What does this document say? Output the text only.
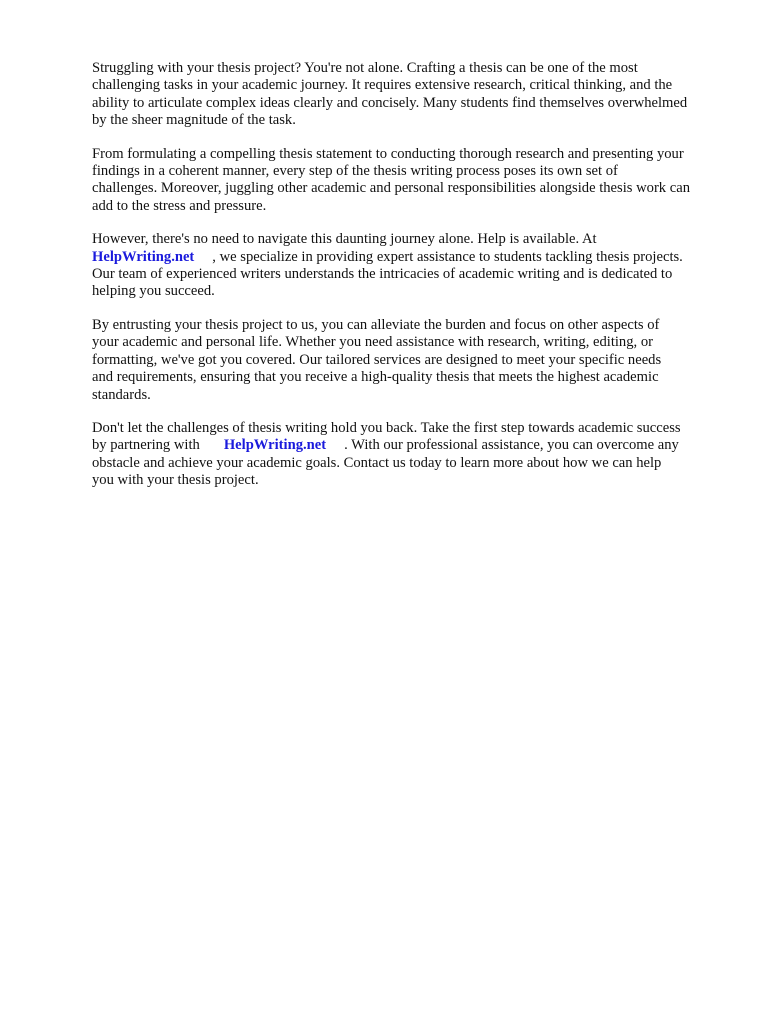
Struggling with your thesis project? You're not alone. Crafting a thesis can be one of the most
challenging tasks in your academic journey. It requires extensive research, critical thinking, and the
ability to articulate complex ideas clearly and concisely. Many students find themselves overwhelmed
by the sheer magnitude of the task.

From formulating a compelling thesis statement to conducting thorough research and presenting your
findings in a coherent manner, every step of the thesis writing process poses its own set of
challenges. Moreover, juggling other academic and personal responsibilities alongside thesis work can
add to the stress and pressure.

However, there's no need to navigate this daunting journey alone. Help is available. At
HelpWriting.net , we specialize in providing expert assistance to students tackling thesis projects.
Our team of experienced writers understands the intricacies of academic writing and is dedicated to
helping you succeed.

By entrusting your thesis project to us, you can alleviate the burden and focus on other aspects of
your academic and personal life. Whether you need assistance with research, writing, editing, or
formatting, we've got you covered. Our tailored services are designed to meet your specific needs
and requirements, ensuring that you receive a high-quality thesis that meets the highest academic
standards.

Don't let the challenges of thesis writing hold you back. Take the first step towards academic success
by partnering with HelpWriting.net . With our professional assistance, you can overcome any
obstacle and achieve your academic goals. Contact us today to learn more about how we can help
you with your thesis project.
